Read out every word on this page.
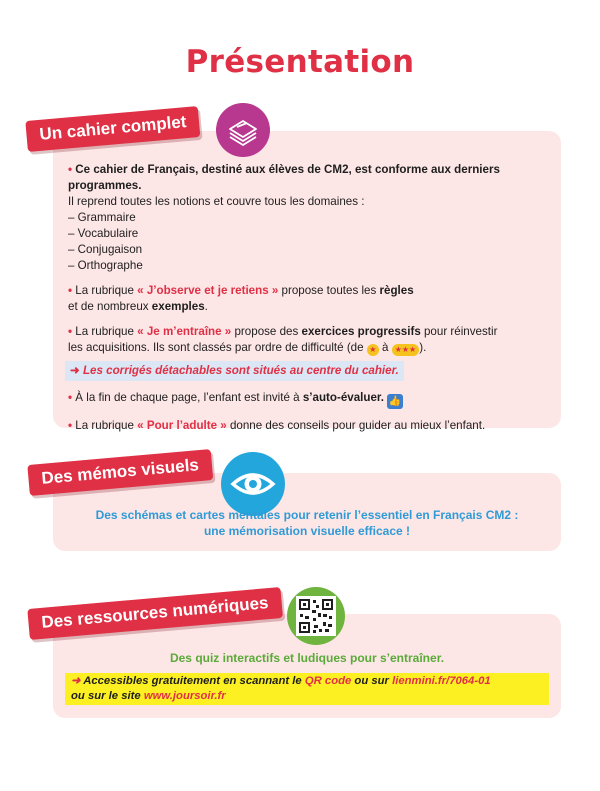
Présentation
Un cahier complet

• Ce cahier de Français, destiné aux élèves de CM2, est conforme aux derniers programmes.

Il reprend toutes les notions et couvre tous les domaines :

– Grammaire

– Vocabulaire

– Conjugaison

– Orthographe

• La rubrique « J’observe et je retiens » propose toutes les règles

et de nombreux exemples.

• La rubrique « Je m’entraîne » propose des exercices progressifs pour réinvestir

les acquisitions. Ils sont classés par ordre de difficulté (de ★ à ★★★ ).

➜ Les corrigés détachables sont situés au centre du cahier.

• À la fin de chaque page, l’enfant est invité à s’auto-évaluer. 👍

• La rubrique « Pour l’adulte » donne des conseils pour guider au mieux l’enfant.

Des mémos visuels
Des schémas et cartes mentales pour retenir l’essentiel en Français CM2 :
une mémorisation visuelle efficace !
Des ressources numériques
Des quiz interactifs et ludiques pour s’entraîner.
➜ Accessibles gratuitement en scannant le QR code ou sur lienmini.fr/7064-01
ou sur le site www.joursoir.fr
